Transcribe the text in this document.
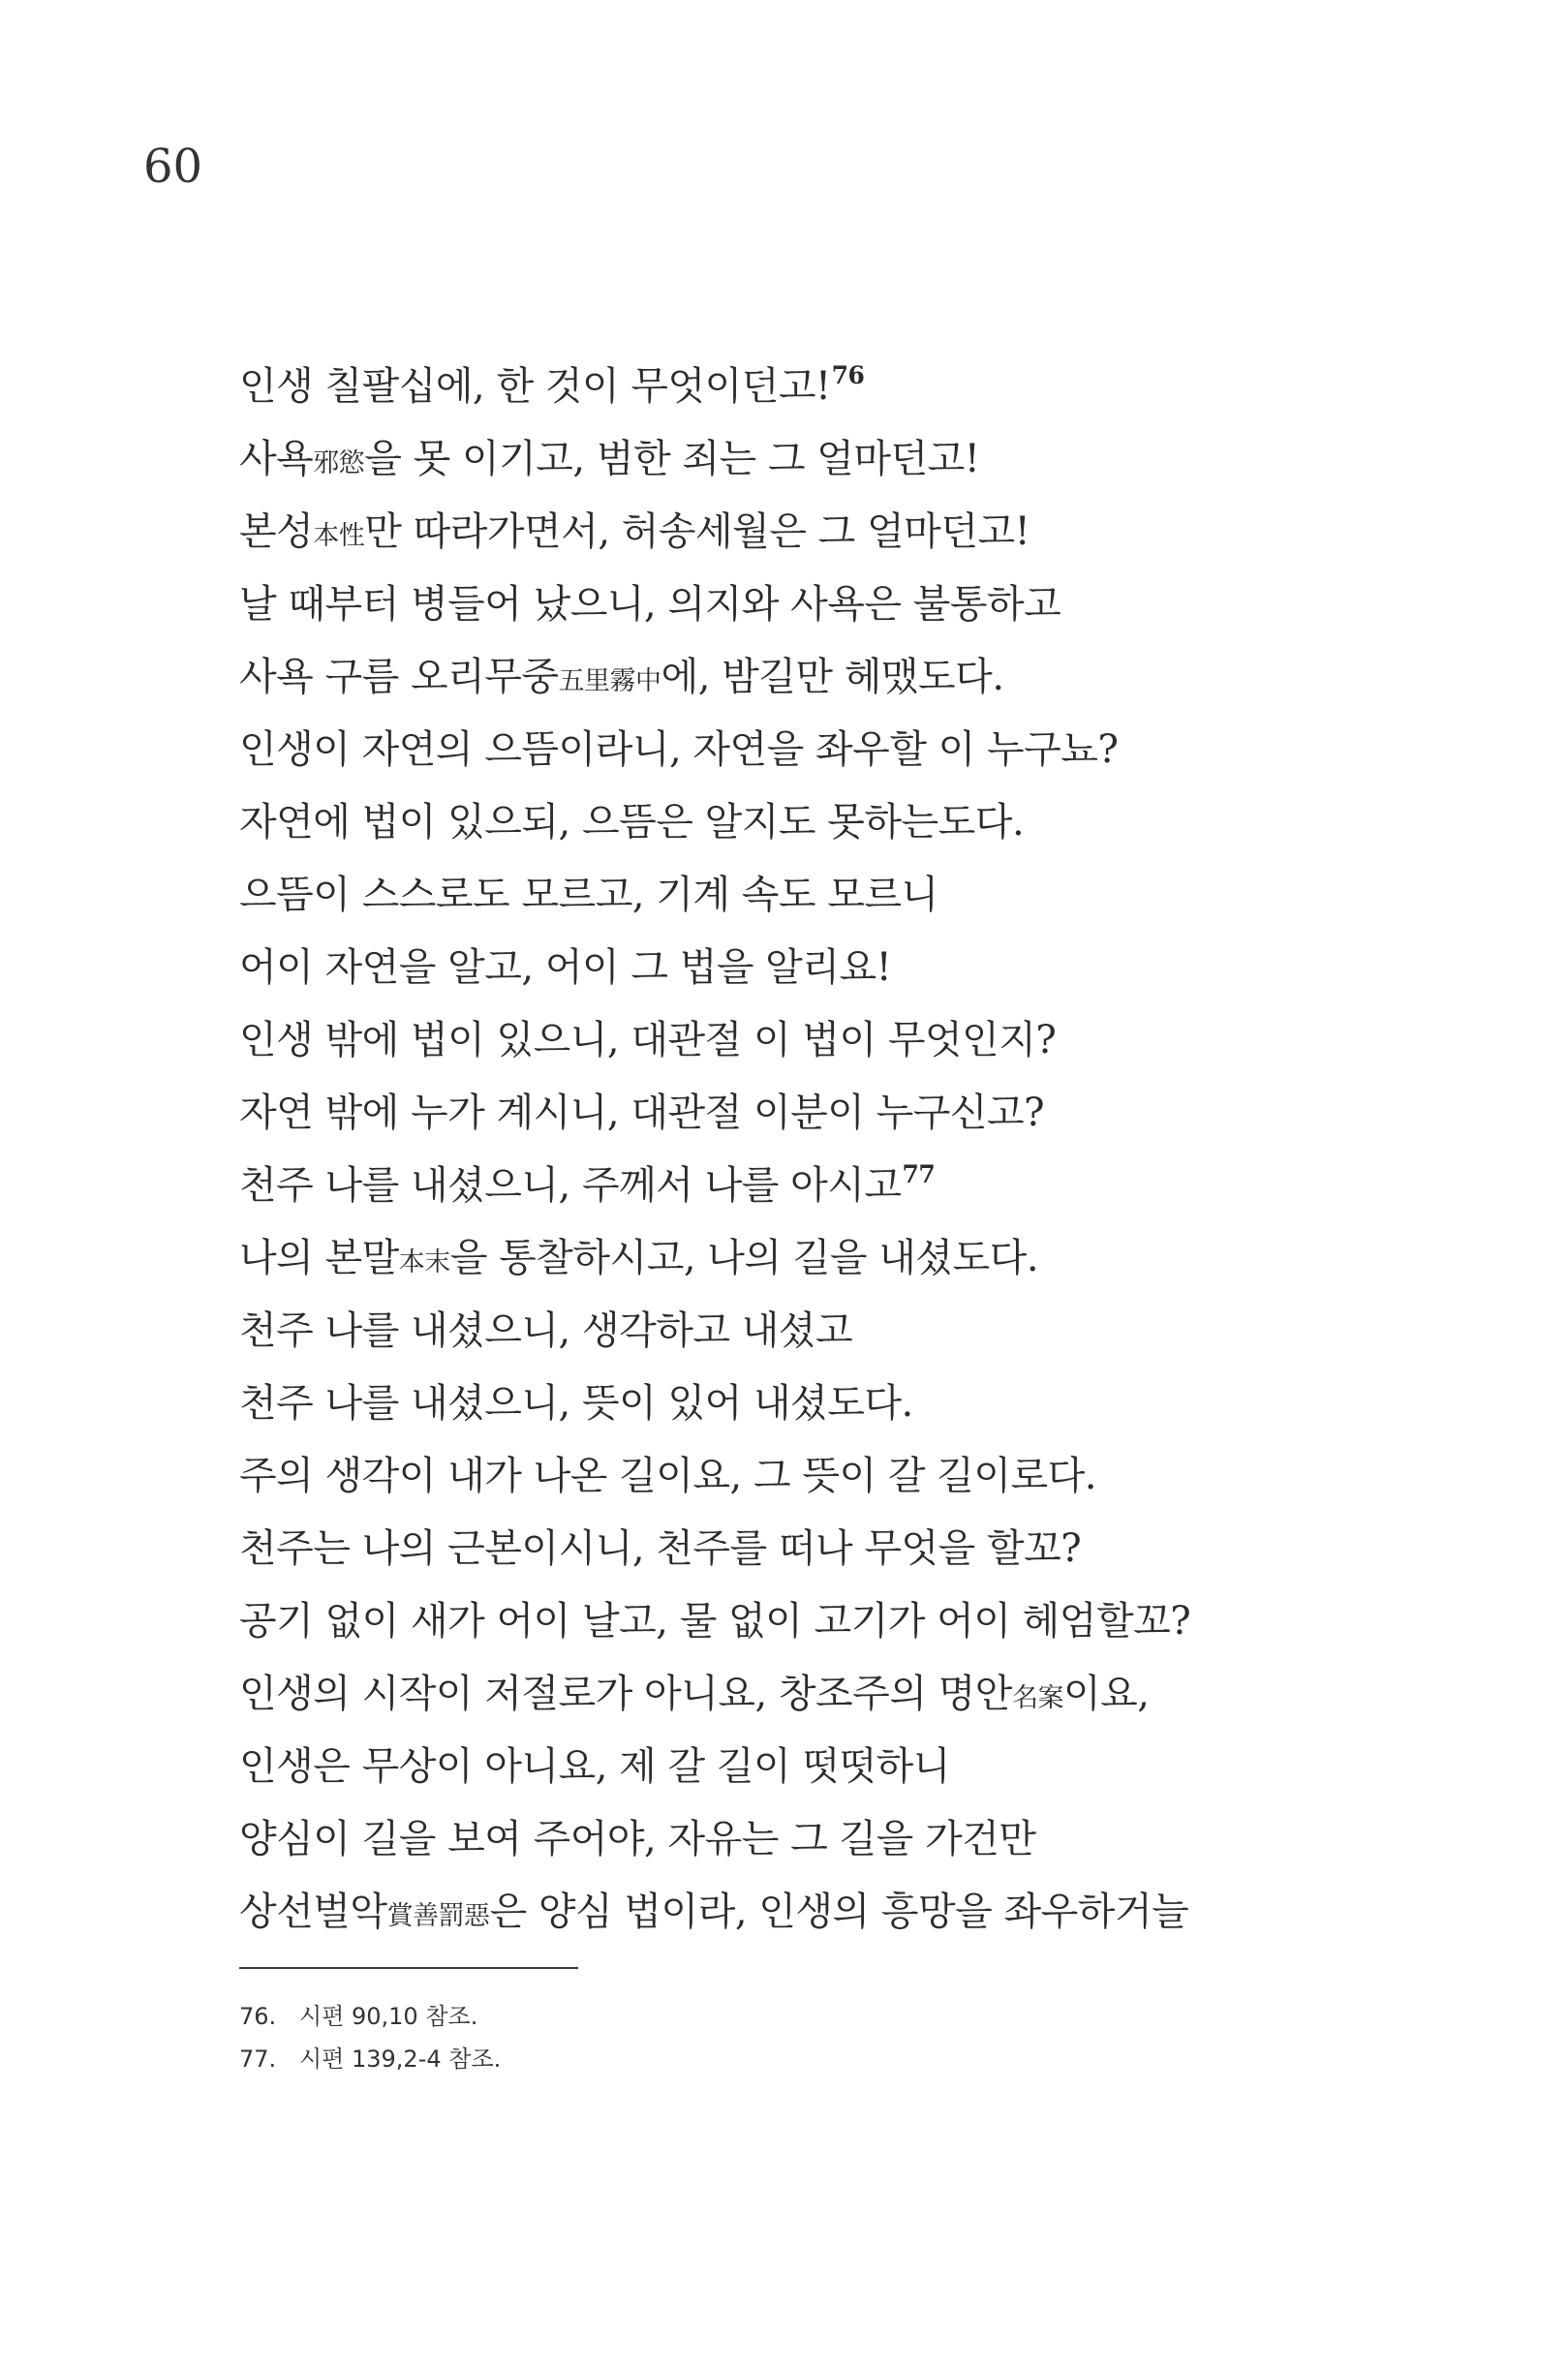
60
인생 칠팔십에, 한 것이 무엇이던고!$^{76}$
사욕邪慾을 못 이기고, 범한 죄는 그 얼마던고!
본성本性만 따라가면서, 허송세월은 그 얼마던고!
날 때부터 병들어 났으니, 의지와 사욕은 불통하고
사욕 구름 오리무중五里霧中에, 밤길만 헤맸도다.
인생이 자연의 으뜸이라니, 자연을 좌우할 이 누구뇨?
자연에 법이 있으되, 으뜸은 알지도 못하는도다.
으뜸이 스스로도 모르고, 기계 속도 모르니
어이 자연을 알고, 어이 그 법을 알리요!
인생 밖에 법이 있으니, 대관절 이 법이 무엇인지?
자연 밖에 누가 계시니, 대관절 이분이 누구신고?
천주 나를 내셨으니, 주께서 나를 아시고$^{77}$
나의 본말本末을 통찰하시고, 나의 길을 내셨도다.
천주 나를 내셨으니, 생각하고 내셨고
천주 나를 내셨으니, 뜻이 있어 내셨도다.
주의 생각이 내가 나온 길이요, 그 뜻이 갈 길이로다.
천주는 나의 근본이시니, 천주를 떠나 무엇을 할꼬?
공기 없이 새가 어이 날고, 물 없이 고기가 어이 헤엄할꼬?
인생의 시작이 저절로가 아니요, 창조주의 명안名案이요,
인생은 무상이 아니요, 제 갈 길이 떳떳하니
양심이 길을 보여 주어야, 자유는 그 길을 가건만
상선벌악賞善罰惡은 양심 법이라, 인생의 흥망을 좌우하거늘
76. 시편 90,10 참조.
77. 시편 139,2-4 참조.
